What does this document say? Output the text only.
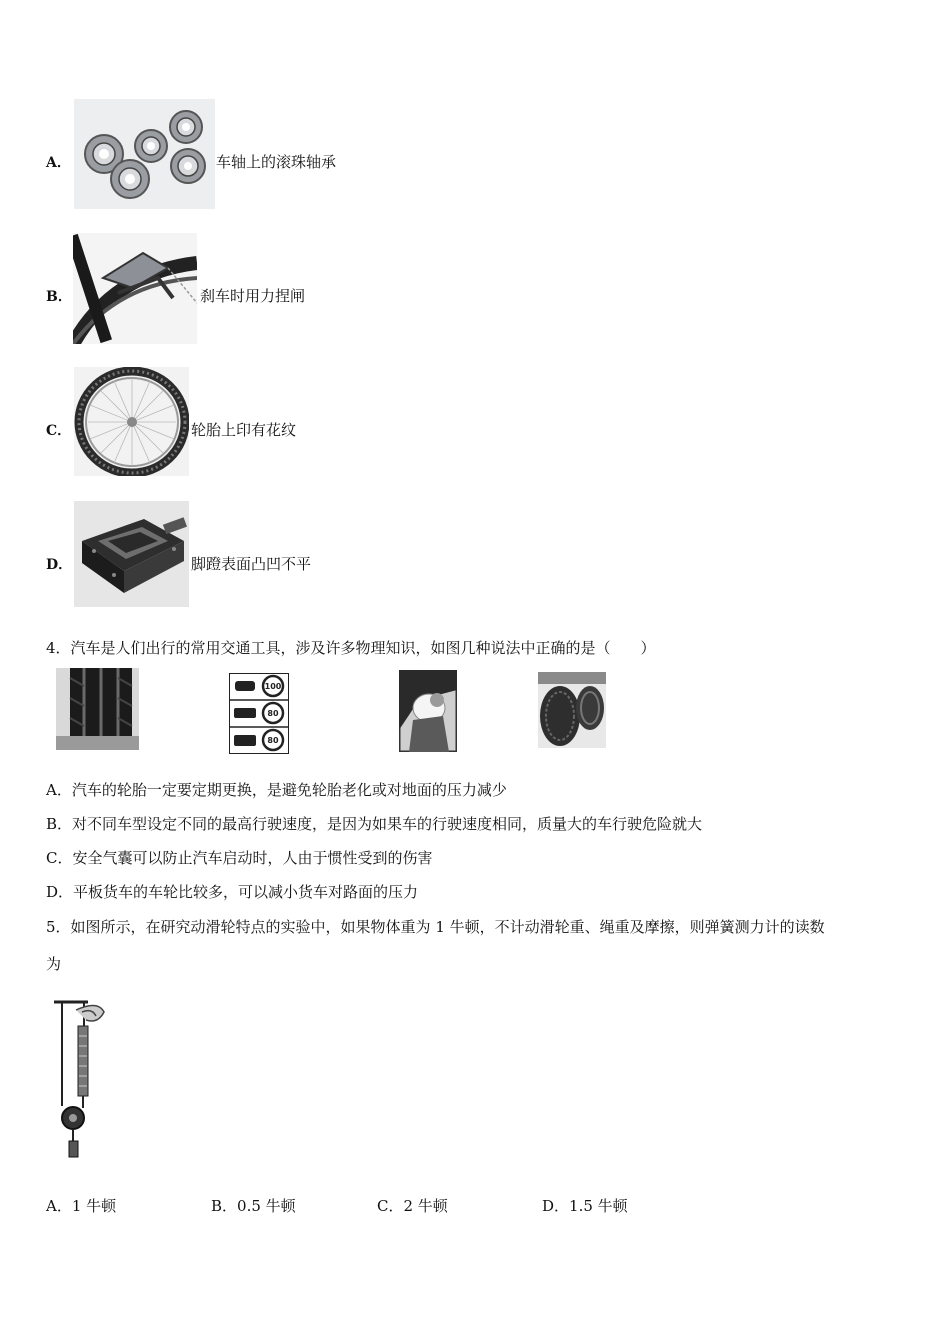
A．	车轴上的滚珠轴承
B．	刹车时用力捏闸
C．	轮胎上印有花纹
D．	脚蹬表面凸凹不平
4．汽车是人们出行的常用交通工具，涉及许多物理知识，如图几种说法中正确的是（　　）
100
80
80
A．汽车的轮胎一定要定期更换，是避免轮胎老化或对地面的压力减少
B．对不同车型设定不同的最高行驶速度，是因为如果车的行驶速度相同，质量大的车行驶危险就大
C．安全气囊可以防止汽车启动时，人由于惯性受到的伤害
D．平板货车的车轮比较多，可以减小货车对路面的压力
5．如图所示，在研究动滑轮特点的实验中，如果物体重为 1 牛顿，不计动滑轮重、绳重及摩擦，则弹簧测力计的读数
为
A．1 牛顿	B．0.5 牛顿	C．2 牛顿	D．1.5 牛顿
